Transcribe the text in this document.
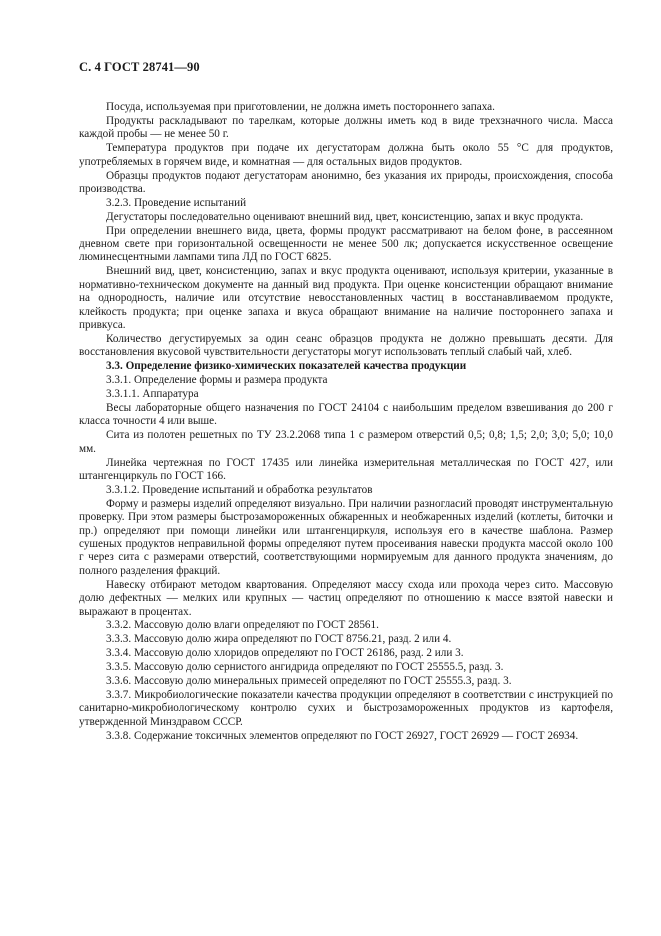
С. 4 ГОСТ 28741—90

Посуда, используемая при приготовлении, не должна иметь постороннего запаха.

Продукты раскладывают по тарелкам, которые должны иметь код в виде трехзначного числа. Масса каждой пробы — не менее 50 г.

Температура продуктов при подаче их дегустаторам должна быть около 55 °С для продуктов, употребляемых в горячем виде, и комнатная — для остальных видов продуктов.

Образцы продуктов подают дегустаторам анонимно, без указания их природы, происхождения, способа производства.

3.2.3. Проведение испытаний

Дегустаторы последовательно оценивают внешний вид, цвет, консистенцию, запах и вкус продукта.

При определении внешнего вида, цвета, формы продукт рассматривают на белом фоне, в рассеянном дневном свете при горизонтальной освещенности не менее 500 лк; допускается искусственное освещение люминесцентными лампами типа ЛД по ГОСТ 6825.

Внешний вид, цвет, консистенцию, запах и вкус продукта оценивают, используя критерии, указанные в нормативно-техническом документе на данный вид продукта. При оценке консистенции обращают внимание на однородность, наличие или отсутствие невосстановленных частиц в восстанавливаемом продукте, клейкость продукта; при оценке запаха и вкуса обращают внимание на наличие постороннего запаха и привкуса.

Количество дегустируемых за один сеанс образцов продукта не должно превышать десяти. Для восстановления вкусовой чувствительности дегустаторы могут использовать теплый слабый чай, хлеб.

3.3. Определение физико-химических показателей качества продукции

3.3.1. Определение формы и размера продукта

3.3.1.1. Аппаратура

Весы лабораторные общего назначения по ГОСТ 24104 с наибольшим пределом взвешивания до 200 г класса точности 4 или выше.

Сита из полотен решетных по ТУ 23.2.2068 типа 1 с размером отверстий 0,5; 0,8; 1,5; 2,0; 3,0; 5,0; 10,0 мм.

Линейка чертежная по ГОСТ 17435 или линейка измерительная металлическая по ГОСТ 427, или штангенциркуль по ГОСТ 166.

3.3.1.2. Проведение испытаний и обработка результатов

Форму и размеры изделий определяют визуально. При наличии разногласий проводят инструментальную проверку. При этом размеры быстрозамороженных обжаренных и необжаренных изделий (котлеты, биточки и пр.) определяют при помощи линейки или штангенциркуля, используя его в качестве шаблона. Размер сушеных продуктов неправильной формы определяют путем просеивания навески продукта массой около 100 г через сита с размерами отверстий, соответствующими нормируемым для данного продукта значениям, до полного разделения фракций.

Навеску отбирают методом квартования. Определяют массу схода или прохода через сито. Массовую долю дефектных — мелких или крупных — частиц определяют по отношению к массе взятой навески и выражают в процентах.

3.3.2. Массовую долю влаги определяют по ГОСТ 28561.

3.3.3. Массовую долю жира определяют по ГОСТ 8756.21, разд. 2 или 4.

3.3.4. Массовую долю хлоридов определяют по ГОСТ 26186, разд. 2 или 3.

3.3.5. Массовую долю сернистого ангидрида определяют по ГОСТ 25555.5, разд. 3.

3.3.6. Массовую долю минеральных примесей определяют по ГОСТ 25555.3, разд. 3.

3.3.7. Микробиологические показатели качества продукции определяют в соответствии с инструкцией по санитарно-микробиологическому контролю сухих и быстрозамороженных продуктов из картофеля, утвержденной Минздравом СССР.

3.3.8. Содержание токсичных элементов определяют по ГОСТ 26927, ГОСТ 26929 — ГОСТ 26934.
